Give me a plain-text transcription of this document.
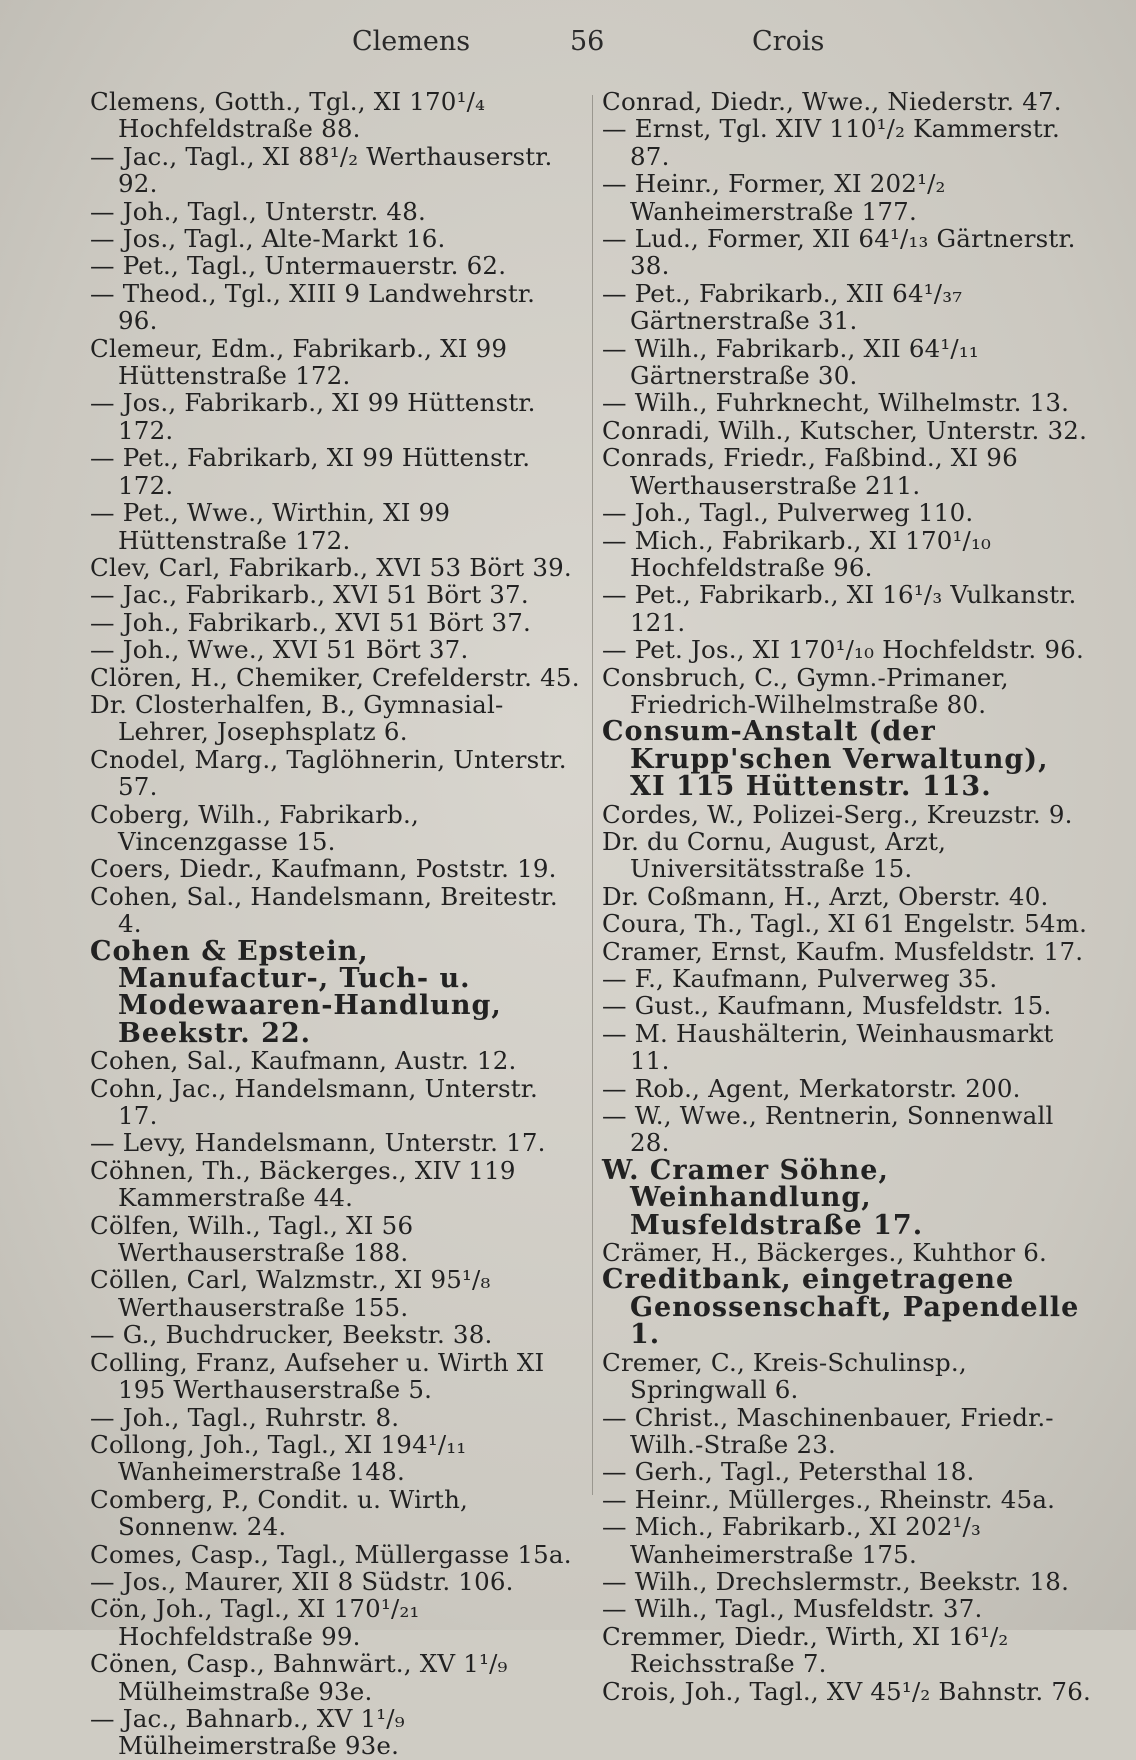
Clemens	56	Crois

Clemens, Gotth., Tgl., XI 170¹/₄ Hochfeldstraße 88.

— Jac., Tagl., XI 88¹/₂ Werthauserstr. 92.

— Joh., Tagl., Unterstr. 48.

— Jos., Tagl., Alte-Markt 16.

— Pet., Tagl., Untermauerstr. 62.

— Theod., Tgl., XIII 9 Landwehrstr. 96.

Clemeur, Edm., Fabrikarb., XI 99 Hüttenstraße 172.

— Jos., Fabrikarb., XI 99 Hüttenstr. 172.

— Pet., Fabrikarb, XI 99 Hüttenstr. 172.

— Pet., Wwe., Wirthin, XI 99 Hüttenstraße 172.

Clev, Carl, Fabrikarb., XVI 53 Bört 39.

— Jac., Fabrikarb., XVI 51 Bört 37.

— Joh., Fabrikarb., XVI 51 Bört 37.

— Joh., Wwe., XVI 51 Bört 37.

Clören, H., Chemiker, Crefelderstr. 45.

Dr. Closterhalfen, B., Gymnasial-Lehrer, Josephsplatz 6.

Cnodel, Marg., Taglöhnerin, Unterstr. 57.

Coberg, Wilh., Fabrikarb., Vincenzgasse 15.

Coers, Diedr., Kaufmann, Poststr. 19.

Cohen, Sal., Handelsmann, Breitestr. 4.

Cohen & Epstein, Manufactur-, Tuch- u. Modewaaren-Handlung, Beekstr. 22.

Cohen, Sal., Kaufmann, Austr. 12.

Cohn, Jac., Handelsmann, Unterstr. 17.

— Levy, Handelsmann, Unterstr. 17.

Cöhnen, Th., Bäckerges., XIV 119 Kammerstraße 44.

Cölfen, Wilh., Tagl., XI 56 Werthauserstraße 188.

Cöllen, Carl, Walzmstr., XI 95¹/₈ Werthauserstraße 155.

— G., Buchdrucker, Beekstr. 38.

Colling, Franz, Aufseher u. Wirth XI 195 Werthauserstraße 5.

— Joh., Tagl., Ruhrstr. 8.

Collong, Joh., Tagl., XI 194¹/₁₁ Wanheimerstraße 148.

Comberg, P., Condit. u. Wirth, Sonnenw. 24.

Comes, Casp., Tagl., Müllergasse 15a.

— Jos., Maurer, XII 8 Südstr. 106.

Cön, Joh., Tagl., XI 170¹/₂₁ Hochfeldstraße 99.

Cönen, Casp., Bahnwärt., XV 1¹/₉ Mülheimstraße 93e.

— Jac., Bahnarb., XV 1¹/₉ Mülheimerstraße 93e.

Conrad, Diedr., Wwe., Niederstr. 47.

— Ernst, Tgl. XIV 110¹/₂ Kammerstr. 87.

— Heinr., Former, XI 202¹/₂ Wanheimerstraße 177.

— Lud., Former, XII 64¹/₁₃ Gärtnerstr. 38.

— Pet., Fabrikarb., XII 64¹/₃₇ Gärtnerstraße 31.

— Wilh., Fabrikarb., XII 64¹/₁₁ Gärtnerstraße 30.

— Wilh., Fuhrknecht, Wilhelmstr. 13.

Conradi, Wilh., Kutscher, Unterstr. 32.

Conrads, Friedr., Faßbind., XI 96 Werthauserstraße 211.

— Joh., Tagl., Pulverweg 110.

— Mich., Fabrikarb., XI 170¹/₁₀ Hochfeldstraße 96.

— Pet., Fabrikarb., XI 16¹/₃ Vulkanstr. 121.

— Pet. Jos., XI 170¹/₁₀ Hochfeldstr. 96.

Consbruch, C., Gymn.-Primaner, Friedrich-Wilhelmstraße 80.

Consum-Anstalt (der Krupp'schen Verwaltung), XI 115 Hüttenstr. 113.

Cordes, W., Polizei-Serg., Kreuzstr. 9.

Dr. du Cornu, August, Arzt, Universitätsstraße 15.

Dr. Coßmann, H., Arzt, Oberstr. 40.

Coura, Th., Tagl., XI 61 Engelstr. 54m.

Cramer, Ernst, Kaufm. Musfeldstr. 17.

— F., Kaufmann, Pulverweg 35.

— Gust., Kaufmann, Musfeldstr. 15.

— M. Haushälterin, Weinhausmarkt 11.

— Rob., Agent, Merkatorstr. 200.

— W., Wwe., Rentnerin, Sonnenwall 28.

W. Cramer Söhne, Weinhandlung, Musfeldstraße 17.

Crämer, H., Bäckerges., Kuhthor 6.

Creditbank, eingetragene Genossenschaft, Papendelle 1.

Cremer, C., Kreis-Schulinsp., Springwall 6.

— Christ., Maschinenbauer, Friedr.-Wilh.-Straße 23.

— Gerh., Tagl., Petersthal 18.

— Heinr., Müllerges., Rheinstr. 45a.

— Mich., Fabrikarb., XI 202¹/₃ Wanheimerstraße 175.

— Wilh., Drechslermstr., Beekstr. 18.

— Wilh., Tagl., Musfeldstr. 37.

Cremmer, Diedr., Wirth, XI 16¹/₂ Reichsstraße 7.

Crois, Joh., Tagl., XV 45¹/₂ Bahnstr. 76.
